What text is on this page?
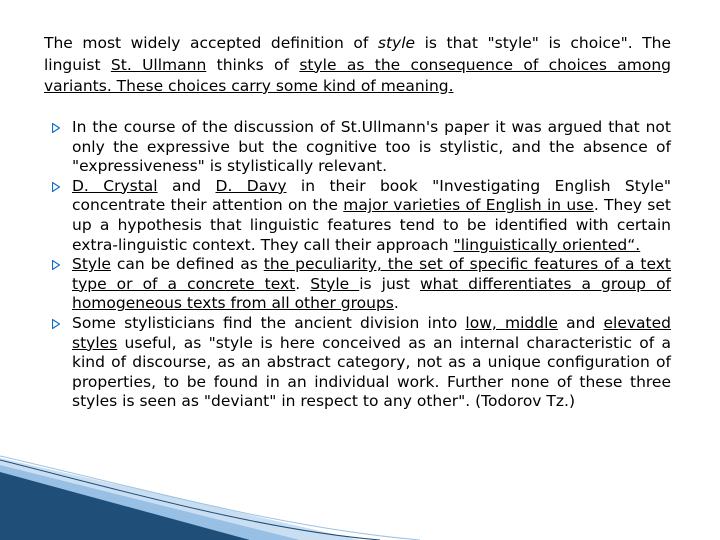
The most widely accepted definition of style is that "style" is choice". The linguist St. Ullmann thinks of style as the consequence of choices among variants. These choices carry some kind of meaning.

In the course of the discussion of St.Ullmann's paper it was argued that not only the expressive but the cognitive too is stylistic, and the absence of "expressiveness" is stylistically relevant.
D. Crystal and D. Davy in their book "Investigating English Style" concentrate their attention on the major varieties of English in use. They set up a hypothesis that linguistic features tend to be identified with certain extra-linguistic context. They call their approach "linguistically oriented“.
Style can be defined as the peculiarity, the set of specific features of a text type or of a concrete text. Style is just what differentiates a group of homogeneous texts from all other groups.
Some stylisticians find the ancient division into low, middle and elevated styles useful, as "style is here conceived as an internal characteristic of a kind of discourse, as an abstract category, not as a unique configuration of properties, to be found in an individual work. Further none of these three styles is seen as "deviant" in respect to any other". (Todorov Tz.)
